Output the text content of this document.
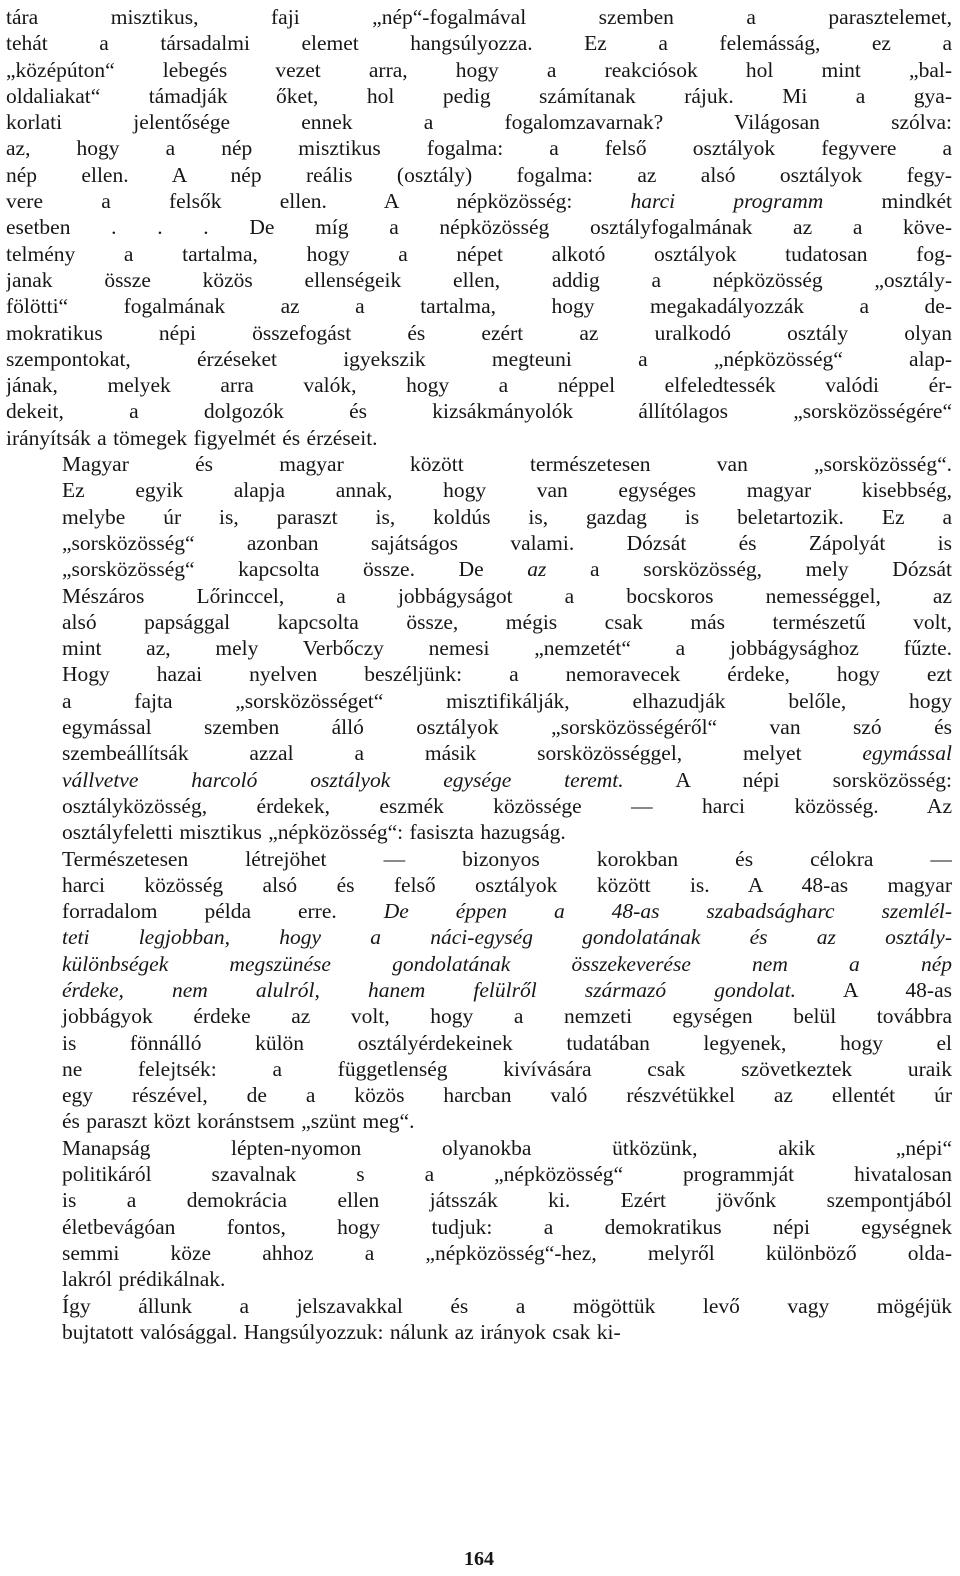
tára misztikus, faji „nép“-fogalmával szemben a parasztelemet,
tehát a társadalmi elemet hangsúlyozza. Ez a felemásság, ez a
„középúton“ lebegés vezet arra, hogy a reakciósok hol mint „bal-
oldaliakat“ támadják őket, hol pedig számítanak rájuk. Mi a gya-
korlati jelentősége ennek a fogalomzavarnak? Világosan szólva:
az, hogy a nép misztikus fogalma: a felső osztályok fegyvere a
nép ellen. A nép reális (osztály) fogalma: az alsó osztályok fegy-
vere a felsők ellen. A népközösség: harci programm mindkét
esetben . . . De míg a népközösség osztályfogalmának az a köve-
telmény a tartalma, hogy a népet alkotó osztályok tudatosan fog-
janak össze közös ellenségeik ellen, addig a népközösség „osztály-
fölötti“ fogalmának az a tartalma, hogy megakadályozzák a de-
mokratikus népi összefogást és ezért az uralkodó osztály olyan
szempontokat, érzéseket igyekszik megteuni a „népközösség“ alap-
jának, melyek arra valók, hogy a néppel elfeledtessék valódi ér-
dekeit, a dolgozók és kizsákmányolók állítólagos „sorsközösségére“
irányítsák a tömegek figyelmét és érzéseit.
Magyar és magyar között természetesen van „sorsközösség“.
Ez egyik alapja annak, hogy van egységes magyar kisebbség,
melybe úr is, paraszt is, koldús is, gazdag is beletartozik. Ez a
„sorsközösség“ azonban sajátságos valami. Dózsát és Zápolyát is
„sorsközösség“ kapcsolta össze. De az a sorsközösség, mely Dózsát
Mészáros Lőrinccel, a jobbágyságot a bocskoros nemességgel, az
alsó papsággal kapcsolta össze, mégis csak más természetű volt,
mint az, mely Verbőczy nemesi „nemzetét“ a jobbágysághoz fűzte.
Hogy hazai nyelven beszéljünk: a nemoravecek érdeke, hogy ezt
a fajta „sorsközösséget“ misztifikálják, elhazudják belőle, hogy
egymással szemben álló osztályok „sorsközösségéről“ van szó és
szembeállítsák azzal a másik sorsközösséggel, melyet egymással
vállvetve harcoló osztályok egysége teremt. A népi sorsközösség:
osztályközösség, érdekek, eszmék közössége — harci közösség. Az
osztályfeletti misztikus „népközösség“: fasiszta hazugság.
Természetesen létrejöhet — bizonyos korokban és célokra —
harci közösség alsó és felső osztályok között is. A 48-as magyar
forradalom példa erre. De éppen a 48-as szabadságharc szemlél-
teti legjobban, hogy a náci-egység gondolatának és az osztály-
különbségek megszünése gondolatának összekeverése nem a nép
érdeke, nem alulról, hanem felülről származó gondolat. A 48-as
jobbágyok érdeke az volt, hogy a nemzeti egységen belül továbbra
is fönnálló külön osztályérdekeinek tudatában legyenek, hogy el
ne felejtsék: a függetlenség kivívására csak szövetkeztek uraik
egy részével, de a közös harcban való részvétükkel az ellentét úr
és paraszt közt koránstsem „szünt meg“.
Manapság lépten-nyomon olyanokba ütközünk, akik „népi“
politikáról szavalnak s a „népközösség“ programmját hivatalosan
is a demokrácia ellen játsszák ki. Ezért jövőnk szempontjából
életbevágóan fontos, hogy tudjuk: a demokratikus népi egységnek
semmi köze ahhoz a „népközösség“-hez, melyről különböző olda-
lakról prédikálnak.
Így állunk a jelszavakkal és a mögöttük levő vagy mögéjük
bujtatott valósággal. Hangsúlyozzuk: nálunk az irányok csak ki-
164
